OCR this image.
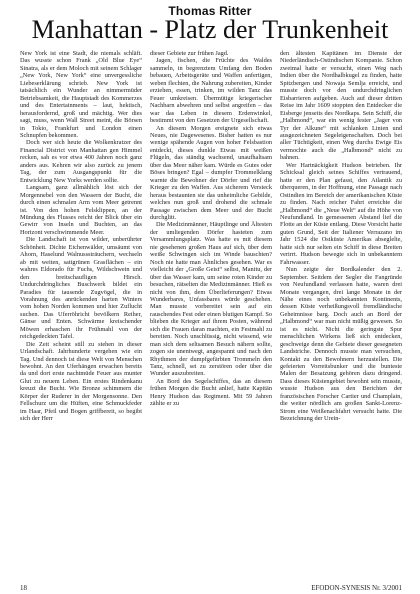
Thomas Ritter
Manhattan - Platz der Trunkenheit

New York ist eine Stadt, die niemals schläft. Das wusste schon Frank „Old Blue Eye“ Sinatra, als er dem Moloch mit seinem Schlager „New York, New York“ eine unvergessliche Liebeserklärung schrieb. New York ist tatsächlich ein Wunder an nimmermüder Betriebsamkeit, die Hauptstadt des Kommerzes und des Entertainments – laut, hektisch, herausfordernd, groß und mächtig. Wer dies sagt, muss, wenn Wall Street meint, die Börsen in Tokio, Frankfurt und London einen Schnupfen bekommen.

Doch wer sich heute die Wolkenkratzer des Financial District von Manhattan gen Himmel recken, sah es vor etwa 400 Jahren noch ganz anders aus. Kehren wir also zurück zu jenem Tag, der zum Ausgangspunkt für die Entwicklung New Yorks werden sollte.

Langsam, ganz allmählich löst sich der Morgennebel von den Wassern der Bucht, die durch einen schmalen Arm vom Meer getrennt ist. Von den hohen Felsklippen, an der Mündung des Flusses reicht der Blick über ein Gewirr von Inseln und Buchten, an das Horizont verschwimmende Meer.

Die Landschaft ist von wilder, unberührter Schönheit. Dichte Eichenwälder, umsäumt von Ahorn, Haselund Walnusssträuchern, wechseln ab mit weiten, sattgrünen Grasflächen – ein wahres Eldorado für Fuchs, Wildschwein und den breitschaufligen Hirsch. Undurchdringliches Buschwerk bildet ein Paradies für tausende Zugvögel, die in Vorahnung des anrückenden harten Winters vom hohen Norden kommen und hier Zuflucht suchen. Das Uferröhricht bevölkern Reiher, Gänse und Enten. Schwärme kreischender Möwen erhaschen ihr Frühmahl von der reichgedeckten Tafel.

Die Zeit scheint still zu stehen in dieser Urlandschaft. Jahrhunderte vergehen wie ein Tag. Und dennoch ist diese Welt von Menschen bewohnt. An den Uferhängen erwachen bereits da und dort erste nachtmüde Feuer aus munter Glut zu neuem Leben. Ein erstes Rindenkanu kreuzt die Bucht. Wie Bronze schimmern die Körper der Ruderer in der Morgensonne. Den Fellschurz um die Hüften, eine Schmuckfeder im Haar, Pfeil und Bogen griffbereit, so begibt sich der Herr

dieser Gebiete zur frühen Jagd.

Jagen, fischen, die Früchte des Waldes sammeln, in begrenztem Umfang den Boden bebauen, Arbeitsgeräte und Waffen anfertigen, weben flechten, die Nahrung zubereiten, Kinder erziehen, essen, trinken, im wilden Tanz das Feuer umkreisen. Übermütige kriegerischer Nachbarn abwehren und selbst angreifen – das war das Leben in diesem Erdenwinkel, bestimmt von den Gesetzen der Urgesellschaft.

An diesem Morgen ereignete sich etwas Neues, nie Dagewesenes. Bisher hatten es nur wenige spähende Augen von hoher Felsbastion entdeckt, dieses dunkle Etwas mit weißen Flügeln, das ständig wachsend, unaufhaltsam über das Meer näher kam. Würde es Gutes oder Böses bringen? Egal – dumpfer Trommelklang warnte die Bewohner der Dörfer und rief die Krieger zu den Waffen. Aus sicherem Versteck heraus bestaunten sie das unheimliche Gebilde, welches nun groß und drohend die schmale Passage zwischen dem Meer und der Bucht durchglitt.

Die Medizinmänner, Häuptlinge und Ältesten der umliegenden Dörfer hasteten zum Versammlungsplatz. Was hatte es mit diesem nie gesehenen großen Haus auf sich, über dem weiße Schwingen sich im Winde bauschten? Noch nie hatte man Ähnliches gesehen. War es vielleicht der „Große Geist“ selbst, Manitu, der über das Wasser kam, um seine roten Kinder zu besuchen, rätselten die Medizinmänner. Hieß es nicht von ihm, dem Überlieferungen? Etwas Wunderbares, Unfassbares würde geschehen. Man musste vorbereitet sein auf ein rauschendes Fest oder einen blutigen Kampf. So blieben die Krieger auf ihrem Posten, während sich die Frauen daran machten, ein Festmahl zu bereiten. Noch unschlüssig, nicht wissend, wie man sich dem seltsamen Besuch nähern sollte, zogen sie unentwegt, angespannt und nach den Rhythmen der dumpfgefärbten Trommeln den Tanz, schnell, sei zu zerstören oder über die Wunder auszubreiten.

An Bord des Segelschiffes, das an diesem frühen Morgen die Bucht anlief, hatte Kapitän Henry Hudson das Regiment. Mit 59 Jahren zählte er zu

den ältesten Kapitänen im Dienste der Niederländisch-Ostindischen Kompanie. Schon zweimal hatte er versucht, einen Weg nach Indien über die Nordhalbkugel zu finden, hatte Spitzbergen und Nowaja Semlja erreicht, und musste doch vor den undurchdringlichen Eisbarrieren aufgeben. Auch auf dieser dritten Reise im Jahr 1609 stoppten den Entdecker die Eisberge jenseits des Nordkaps. Sein Schiff, die „Halbmond“, war ein wenig fester „Jager von Tyr der Alkune“ mit schlanken Linien und ausgezeichneten Segeleigenschaften. Doch bei aller Tüchtigkeit, einen Weg durchs Ewige Eis vermochte auch die „Halbmond“ nicht zu bahnen.

Wer Hartnäckigkeit Hudson betrieben. Ihr Schicksal gleich seines Schiffes vertrauend, hatte er den Plan gefasst, den Atlantik zu überqueren, in der Hoffnung, eine Passage nach Ostindien im Bereich der amerikanischen Küste zu finden. Nach reicher Fahrt erreichte die „Halbmond“ die „Neue Welt“ auf die Höhe von Neufundland. In gemessenen Abstand lief die Flotte an der Küste entlang. Diese Vorsicht hatte guten Grund, Seit der Italiener Verrazano im Jahr 1524 die Ostküste Amerikas abseglelte, hatte sich nur selten ein Schiff in diese Breiten verirrt. Hudson bewegte sich in unbekanntem Fahrwasser.

Nun zeigte der Bordkalender den 2. September. Seitdem der Segler die Fangründe von Neufundland verlassen hatte, waren drei Monate vergangen, drei lange Monate in der Nähe eines noch unbekannten Kontinents, dessen Küste verheißungsvoll fremdländische Geheimnisse barg. Doch auch an Bord der „Halbmond“ war man nicht müßig gewesen. So ist es nicht. Nicht die geringste Spur menschlichen Wirkens ließ sich entdecken, geschweige denn die Gebiete dieser gesegneten Landstriche. Dennoch musste man versuchen, Kontakt zu den Bewohnern herzustellen. Die gefeierten Vorreitsbunker und die bunteste Malen der Besatzung gehören dazu dringend. Dass dieses Küstengebiet bewohnt sein musste, wusste Hudson aus den Berichten der französischen Forscher Cartier und Champlain, die weiter nördlich am großen Sankt-Lorenz-Strom eine Weißenachfahrt versucht hatte. Die Bezeichnung der Urein-

18	EFODON-SYNESIS Nr. 3/2001
